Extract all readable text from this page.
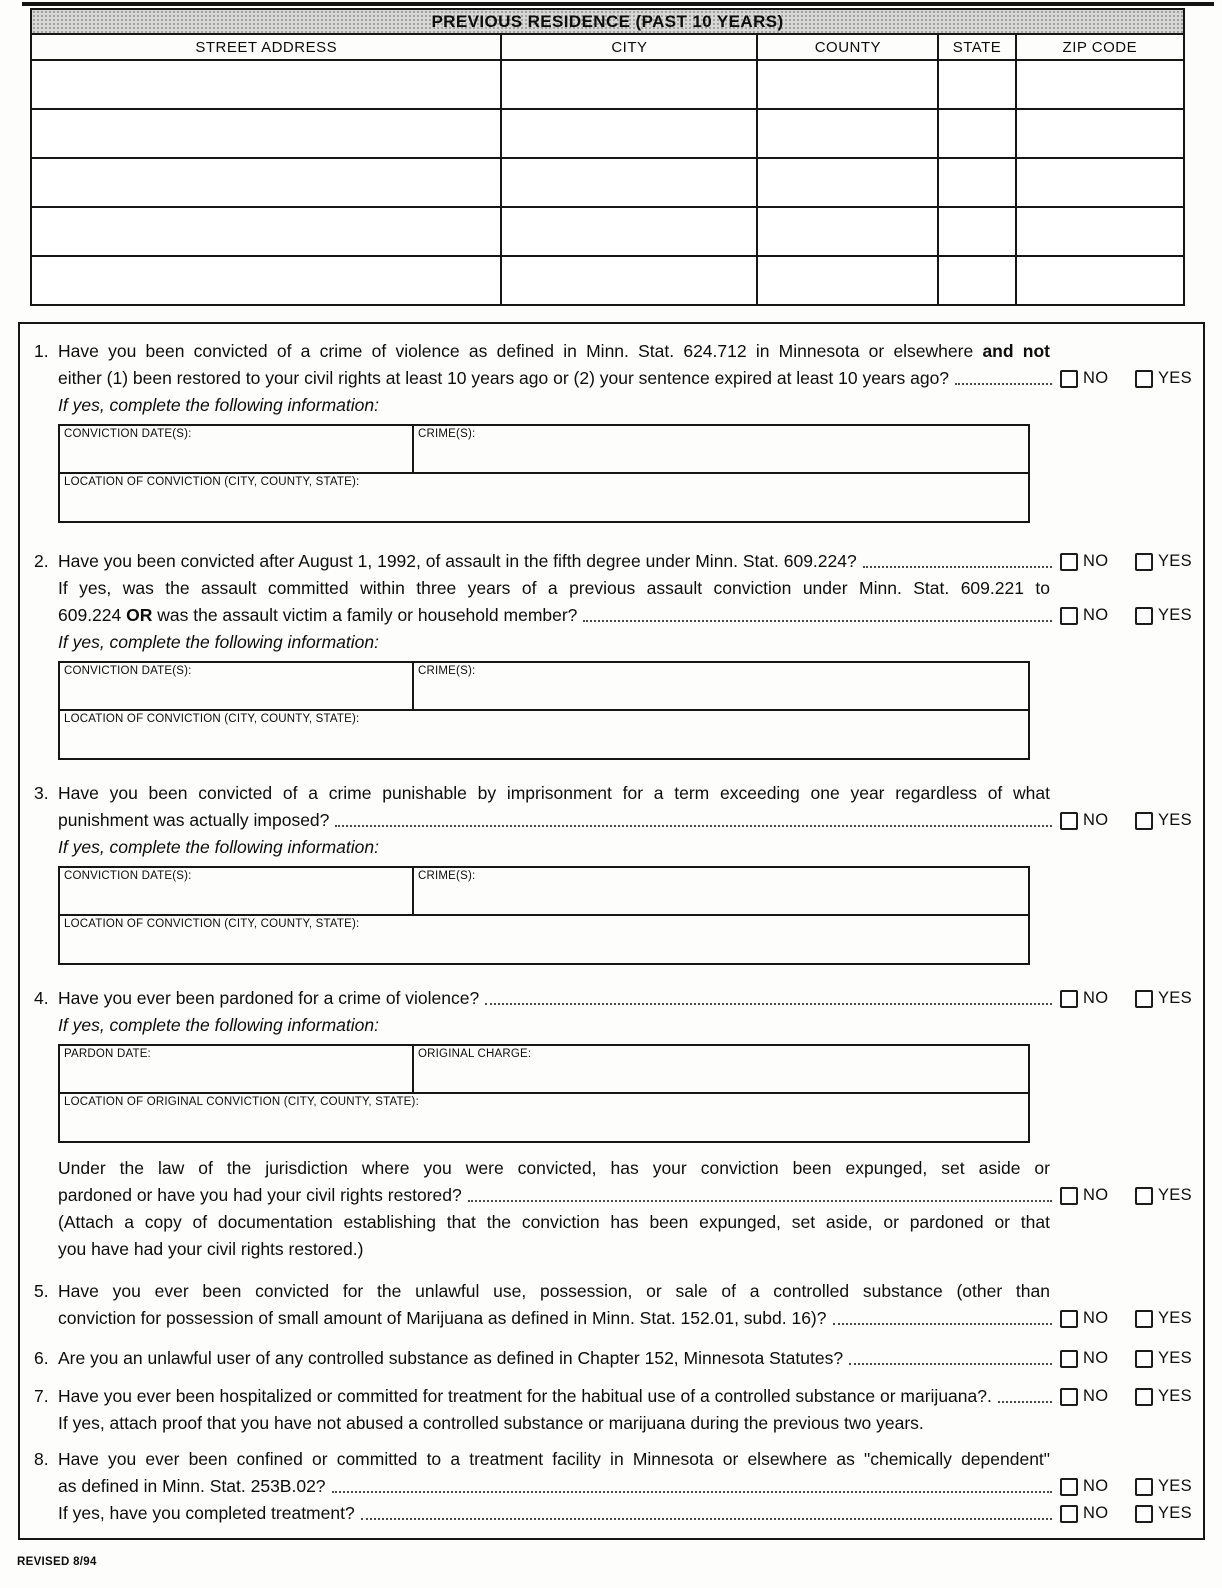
PREVIOUS RESIDENCE (PAST 10 YEARS)				
STREET ADDRESS	CITY	COUNTY	STATE	ZIP CODE

1. Have you been convicted of a crime of violence as defined in Minn. Stat. 624.712 in Minnesota or elsewhere and not
either (1) been restored to your civil rights at least 10 years ago or (2) your sentence expired at least 10 years ago?	NO	YES
If yes, complete the following information:
CONVICTION DATE(S):	CRIME(S):
LOCATION OF CONVICTION (CITY, COUNTY, STATE):
2. Have you been convicted after August 1, 1992, of assault in the fifth degree under Minn. Stat. 609.224?	NO	YES
If yes, was the assault committed within three years of a previous assault conviction under Minn. Stat. 609.221 to
609.224 OR was the assault victim a family or household member?	NO	YES
If yes, complete the following information:
CONVICTION DATE(S):	CRIME(S):
LOCATION OF CONVICTION (CITY, COUNTY, STATE):
3. Have you been convicted of a crime punishable by imprisonment for a term exceeding one year regardless of what
punishment was actually imposed?	NO	YES
If yes, complete the following information:
CONVICTION DATE(S):	CRIME(S):
LOCATION OF CONVICTION (CITY, COUNTY, STATE):
4. Have you ever been pardoned for a crime of violence?	NO	YES
If yes, complete the following information:
PARDON DATE:	ORIGINAL CHARGE:
LOCATION OF ORIGINAL CONVICTION (CITY, COUNTY, STATE):
Under the law of the jurisdiction where you were convicted, has your conviction been expunged, set aside or
pardoned or have you had your civil rights restored?	NO	YES
(Attach a copy of documentation establishing that the conviction has been expunged, set aside, or pardoned or that
you have had your civil rights restored.)
5. Have you ever been convicted for the unlawful use, possession, or sale of a controlled substance (other than
conviction for possession of small amount of Marijuana as defined in Minn. Stat. 152.01, subd. 16)?	NO	YES
6. Are you an unlawful user of any controlled substance as defined in Chapter 152, Minnesota Statutes?	NO	YES
7. Have you ever been hospitalized or committed for treatment for the habitual use of a controlled substance or marijuana?.	NO	YES
If yes, attach proof that you have not abused a controlled substance or marijuana during the previous two years.
8. Have you ever been confined or committed to a treatment facility in Minnesota or elsewhere as "chemically dependent"
as defined in Minn. Stat. 253B.02?	NO	YES
If yes, have you completed treatment?	NO	YES
REVISED 8/94
